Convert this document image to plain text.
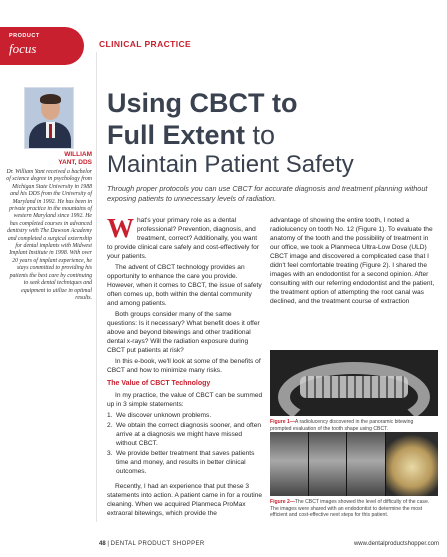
PRODUCT
focus	CLINICAL PRACTICE
WILLIAM
YANT, DDS
Dr. William Yant received a bachelor of science degree in psychology from Michigan State University in 1988 and his DDS from the University of Maryland in 1992. He has been in private practice in the mountains of western Maryland since 1992. He has completed courses in advanced dentistry with The Dawson Academy and completed a surgical externship for dental implants with Midwest Implant Institute in 1998. With over 20 years of implant experience, he stays committed to providing his patients the best care by continuing to seek dental techniques and equipment to utilize in optimal results.
Using CBCT to
Full Extent to
Maintain Patient Safety
Through proper protocols you can use CBCT for accurate diagnosis and treatment planning without exposing patients to unnecessary levels of radiation.

What's your primary role as a dental professional? Prevention, diagnosis, and treatment, correct? Additionally, you want to provide clinical care safely and cost-effectively for your patients.

The advent of CBCT technology provides an opportunity to enhance the care you provide. However, when it comes to CBCT, the issue of safety often comes up, both within the dental community and among patients.

Both groups consider many of the same questions: Is it necessary? What benefit does it offer above and beyond bitewings and other traditional dental x-rays? Will the radiation exposure during CBCT put patients at risk?

In this e-book, we'll look at some of the benefits of CBCT and how to minimize many risks.

The Value of CBCT Technology

In my practice, the value of CBCT can be summed up in 3 simple statements:

1. We discover unknown problems.
2. We obtain the correct diagnosis sooner, and often arrive at a diagnosis we might have missed without CBCT.
3. We provide better treatment that saves patients time and money, and results in better clinical outcomes.

Recently, I had an experience that put these 3 statements into action. A patient came in for a routine cleaning. When we acquired Planmeca ProMax extraoral bitewings, which provide the

advantage of showing the entire tooth, I noted a radiolucency on tooth No. 12 (Figure 1). To evaluate the anatomy of the tooth and the possibility of treatment in our office, we took a Planmeca Ultra-Low Dose (ULD) CBCT image and discovered a complicated case that I didn't feel comfortable treating (Figure 2). I shared the images with an endodontist for a second opinion. After consulting with our referring endodontist and the patient, the treatment option of attempting the root canal was declined, and the treatment course of extraction

Figure 1—A radiolucency discovered in the panoramic bitewing prompted evaluation of the tooth shape using CBCT.
Figure 2—The CBCT images showed the level of difficulty of the case. The images were shared with an endodontist to determine the most efficient and cost-effective next steps for this patient.
48 | DENTAL PRODUCT SHOPPER	www.dentalproductshopper.com
